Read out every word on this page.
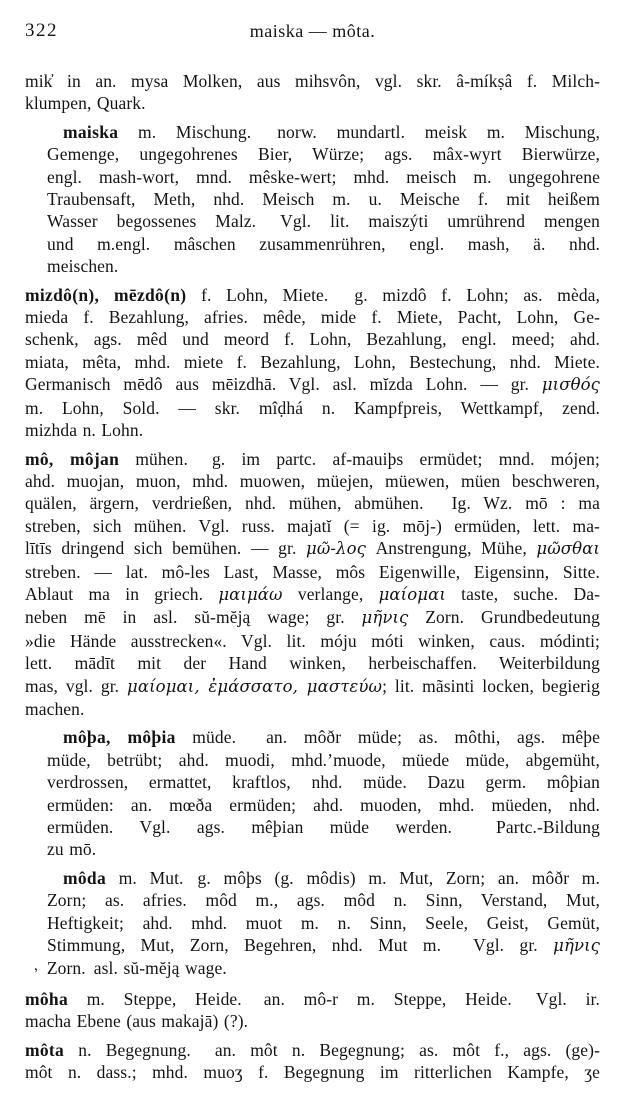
322	maiska — môta.
mik̓ in an. mysa Molken, aus mihsvôn, vgl. skr. â-míkṣâ f. Milch-
klumpen, Quark.
maiska m. Mischung. norw. mundartl. meisk m. Mischung,
Gemenge, ungegohrenes Bier, Würze; ags. mâx-wyrt Bierwürze,
engl. mash-wort, mnd. mêske-wert; mhd. meisch m. ungegohrene
Traubensaft, Meth, nhd. Meisch m. u. Meische f. mit heißem
Wasser begossenes Malz. Vgl. lit. maiszýti umrührend mengen
und m.engl. mâschen zusammenrühren, engl. mash, ä. nhd.
meischen.
mizdô(n), mēzdô(n) f. Lohn, Miete. g. mizdô f. Lohn; as. mèda,
mieda f. Bezahlung, afries. mêde, mide f. Miete, Pacht, Lohn, Ge-
schenk, ags. mêd und meord f. Lohn, Bezahlung, engl. meed; ahd.
miata, mêta, mhd. miete f. Bezahlung, Lohn, Bestechung, nhd. Miete.
Germanisch mēdô aus mēizdhā. Vgl. asl. mĭzda Lohn. — gr. μισθός
m. Lohn, Sold. — skr. mîḍhá n. Kampfpreis, Wettkampf, zend.
mizhda n. Lohn.
mô, môjan mühen. g. im partc. af-mauiþs ermüdet; mnd. mójen;
ahd. muojan, muon, mhd. muowen, müejen, müewen, müen beschweren,
quälen, ärgern, verdrießen, nhd. mühen, abmühen. Ig. Wz. mō : ma
streben, sich mühen. Vgl. russ. majatĭ (= ig. mōj-) ermüden, lett. ma-
lītīs dringend sich bemühen. — gr. μῶ-λος Anstrengung, Mühe, μῶσθαι
streben. — lat. mô-les Last, Masse, môs Eigenwille, Eigensinn, Sitte.
Ablaut ma in griech. μαιμάω verlange, μαίομαι taste, suche. Da-
neben mē in asl. sŭ-mĕją wage; gr. μῆνις Zorn. Grundbedeutung
»die Hände ausstrecken«. Vgl. lit. móju móti winken, caus. módinti;
lett. mādīt mit der Hand winken, herbeischaffen. Weiterbildung
mas, vgl. gr. μαίομαι, ἐμάσσατο, μαστεύω; lit. mãsinti locken, begierig
machen.
môþa, môþia müde. an. môðr müde; as. môthi, ags. mêþe
müde, betrübt; ahd. muodi, mhd.’muode, müede müde, abgemüht,
verdrossen, ermattet, kraftlos, nhd. müde. Dazu germ. môþian
ermüden: an. mœða ermüden; ahd. muoden, mhd. müeden, nhd.
ermüden. Vgl. ags. mêþian müde werden.	Partc.-Bildung
zu mō.
môda m. Mut. g. môþs (g. môdis) m. Mut, Zorn; an. môðr m.
Zorn; as. afries. môd m., ags. môd n. Sinn, Verstand, Mut,
Heftigkeit; ahd. mhd. muot m. n. Sinn, Seele, Geist, Gemüt,
Stimmung, Mut, Zorn, Begehren, nhd. Mut m. Vgl. gr. μῆνις
, Zorn. asl. sŭ-mĕją wage.
môha m. Steppe, Heide. an. mô-r m. Steppe, Heide. Vgl. ir.
macha Ebene (aus makajā) (?).
môta n. Begegnung. an. môt n. Begegnung; as. môt f., ags. (ge)-
môt n. dass.; mhd. muoʒ f. Begegnung im ritterlichen Kampfe, ʒe
